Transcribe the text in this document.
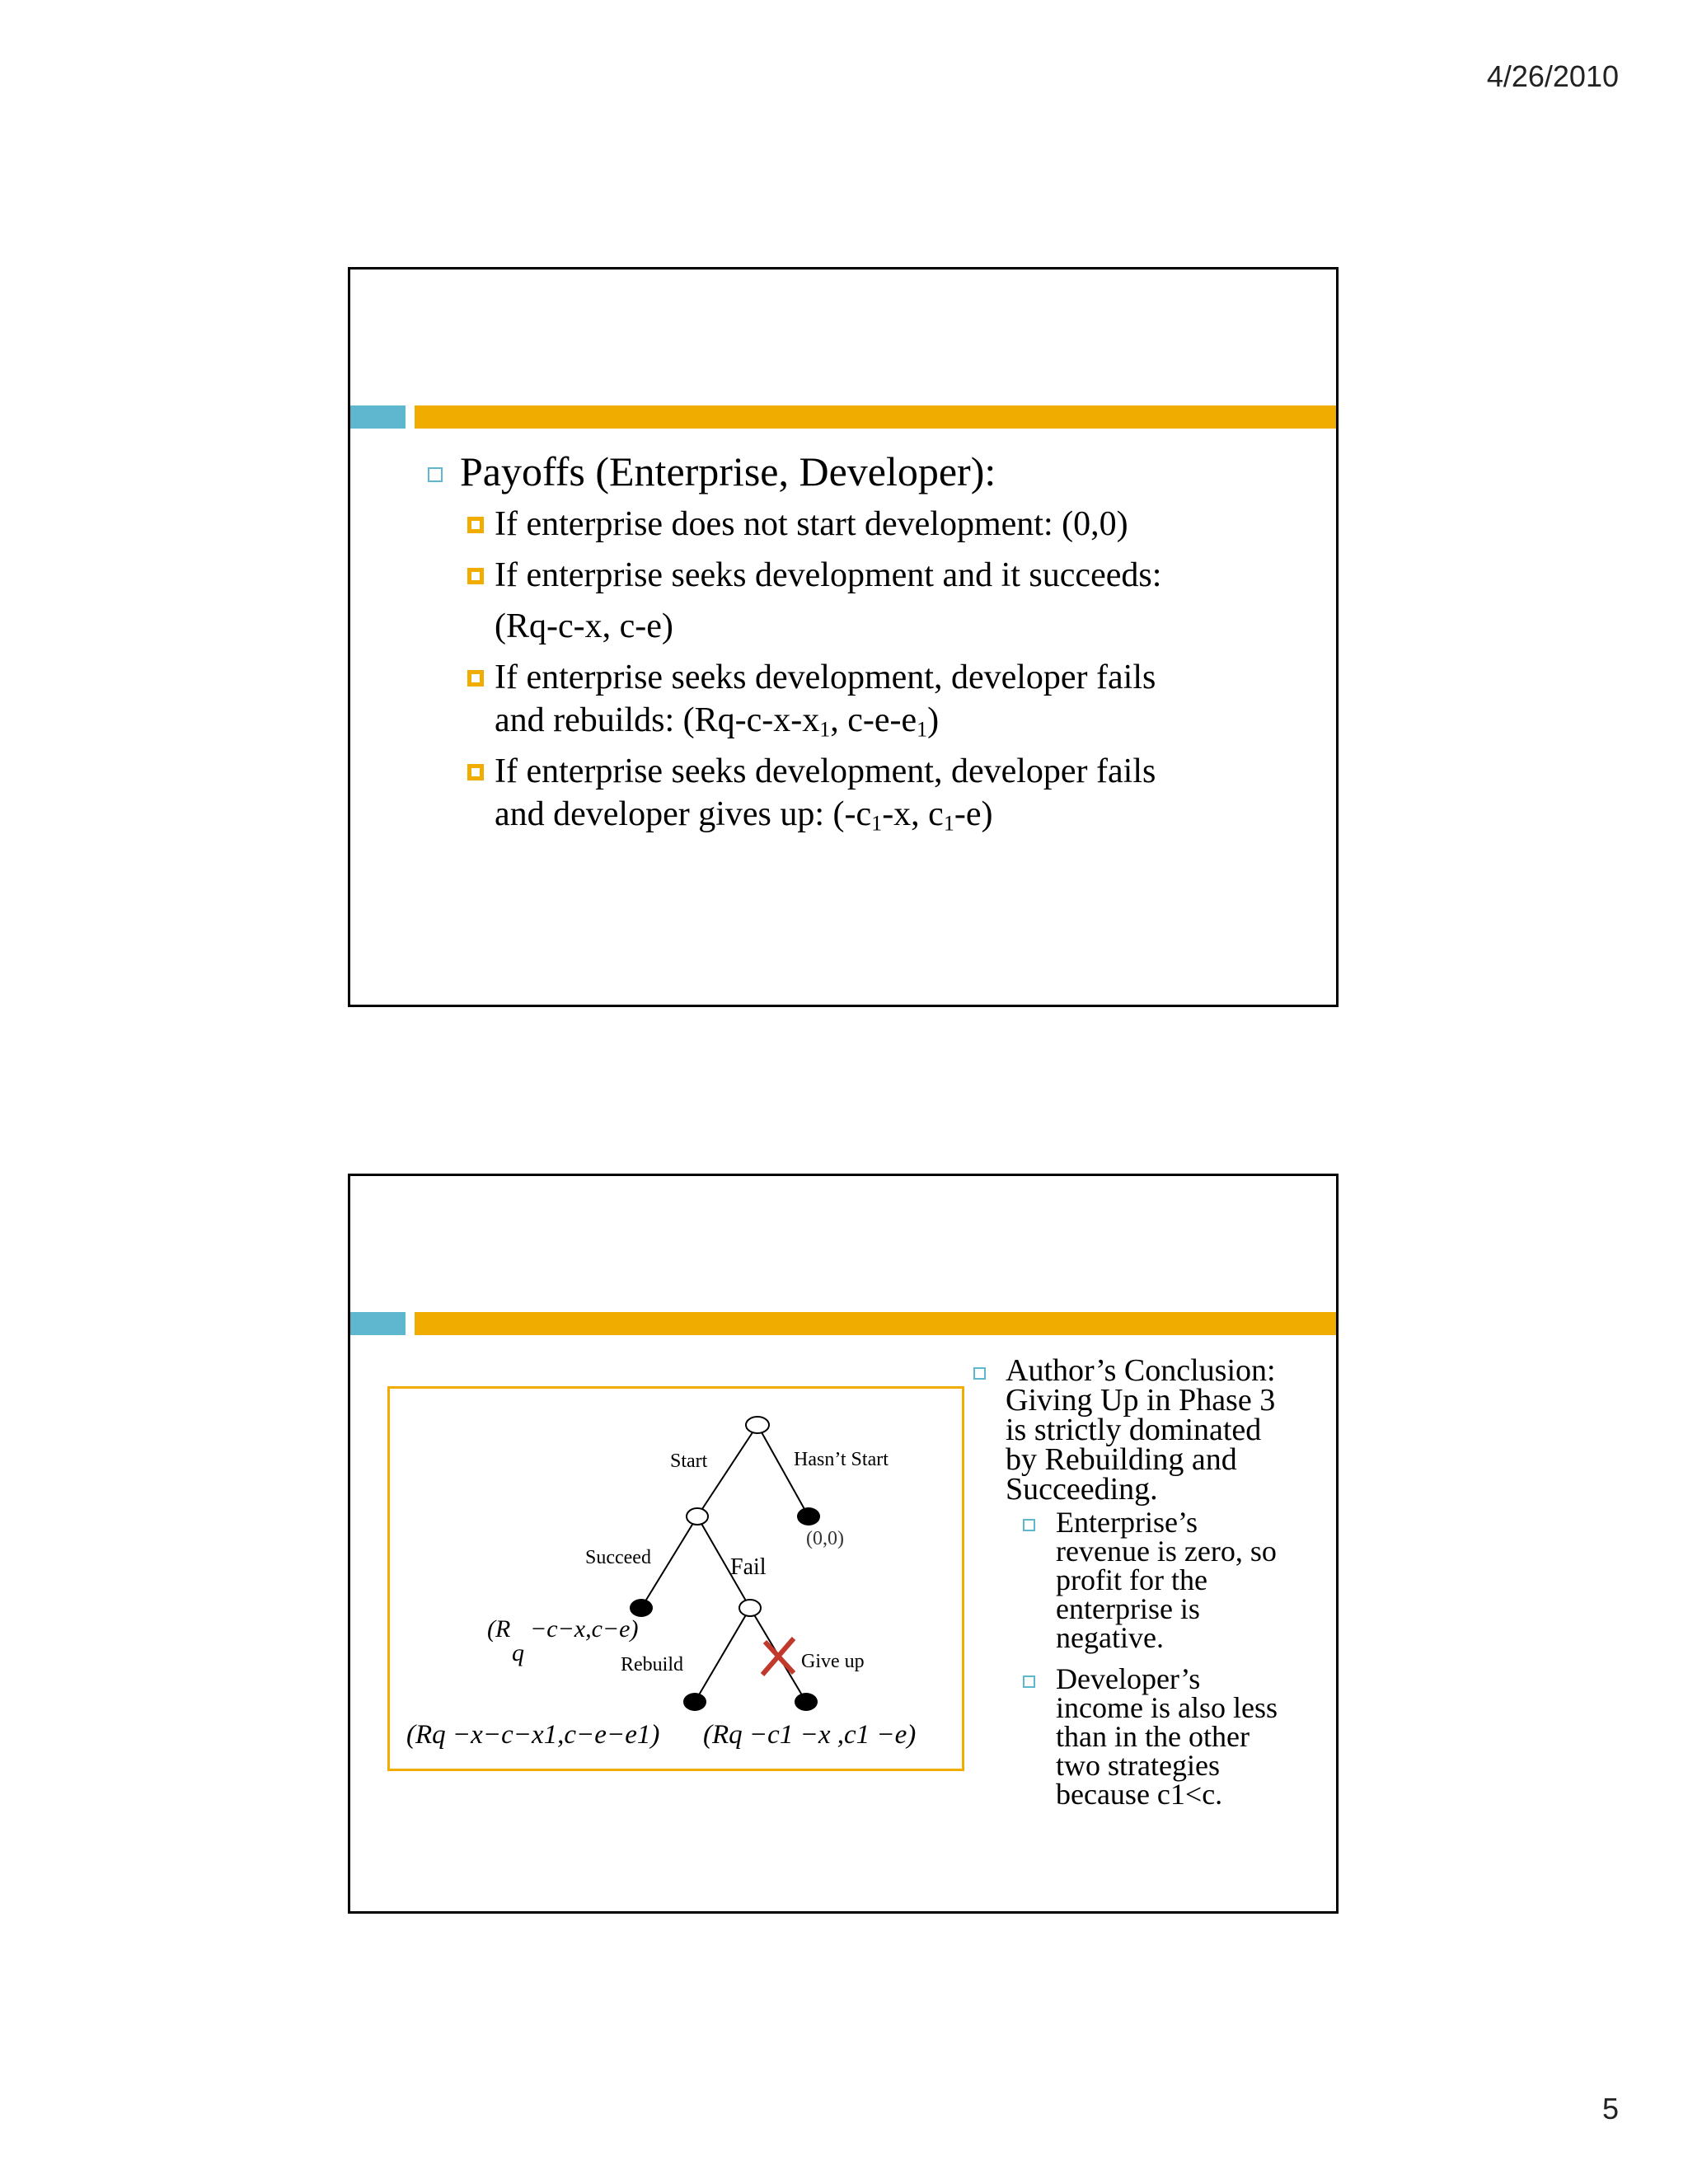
4/26/2010
Payoffs (Enterprise, Developer):
If enterprise does not start development: (0,0)
If enterprise seeks development and it succeeds:
(Rq-c-x, c-e)
If enterprise seeks development, developer fails
and rebuilds: ($Rq-c-x-x_1$, $c-e-e_1$)
If enterprise seeks development, developer fails
and developer gives up: ($-c_1-x$, $c_1-e$)
Start	Hasn’t Start
(0,0)
Succeed	Fail
(R −c−x,c−e)
q	Rebuild	Give up
(Rq −x−c−x1,c−e−e1) (Rq −c1 −x ,c1 −e)
Author’s Conclusion:
Giving Up in Phase 3
is strictly dominated
by Rebuilding and
Succeeding.
Enterprise’s
revenue is zero, so
profit for the
enterprise is
negative.
Developer’s
income is also less
than in the other
two strategies
because c1<c.
5
